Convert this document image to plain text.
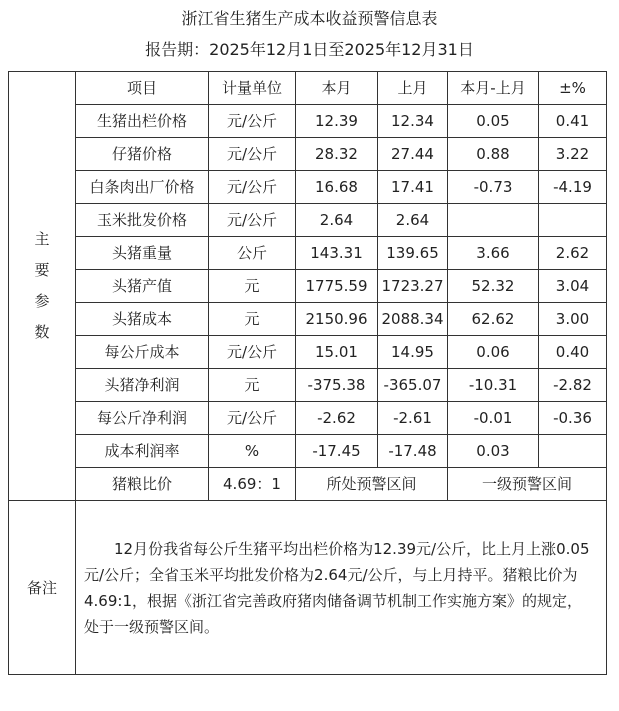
浙江省生猪生产成本收益预警信息表
报告期：2025年12月1日至2025年12月31日
主
要
参
数	项目	计量单位	本月	上月	本月-上月	±%
	生猪出栏价格	元/公斤	12.39	12.34	0.05	0.41
	仔猪价格	元/公斤	28.32	27.44	0.88	3.22
	白条肉出厂价格	元/公斤	16.68	17.41	-0.73	-4.19
	玉米批发价格	元/公斤	2.64	2.64		
	头猪重量	公斤	143.31	139.65	3.66	2.62
	头猪产值	元	1775.59	1723.27	52.32	3.04
	头猪成本	元	2150.96	2088.34	62.62	3.00
	每公斤成本	元/公斤	15.01	14.95	0.06	0.40
	头猪净利润	元	-375.38	-365.07	-10.31	-2.82
	每公斤净利润	元/公斤	-2.62	-2.61	-0.01	-0.36
	成本利润率	%	-17.45	-17.48	0.03	
	猪粮比价	4.69：1	所处预警区间		一级预警区间	
备注	12月份我省每公斤生猪平均出栏价格为12.39元/公斤，比上月上涨0.05元/公斤；全省玉米平均批发价格为2.64元/公斤，与上月持平。猪粮比价为4.69:1，根据《浙江省完善政府猪肉储备调节机制工作实施方案》的规定，处于一级预警区间。					
